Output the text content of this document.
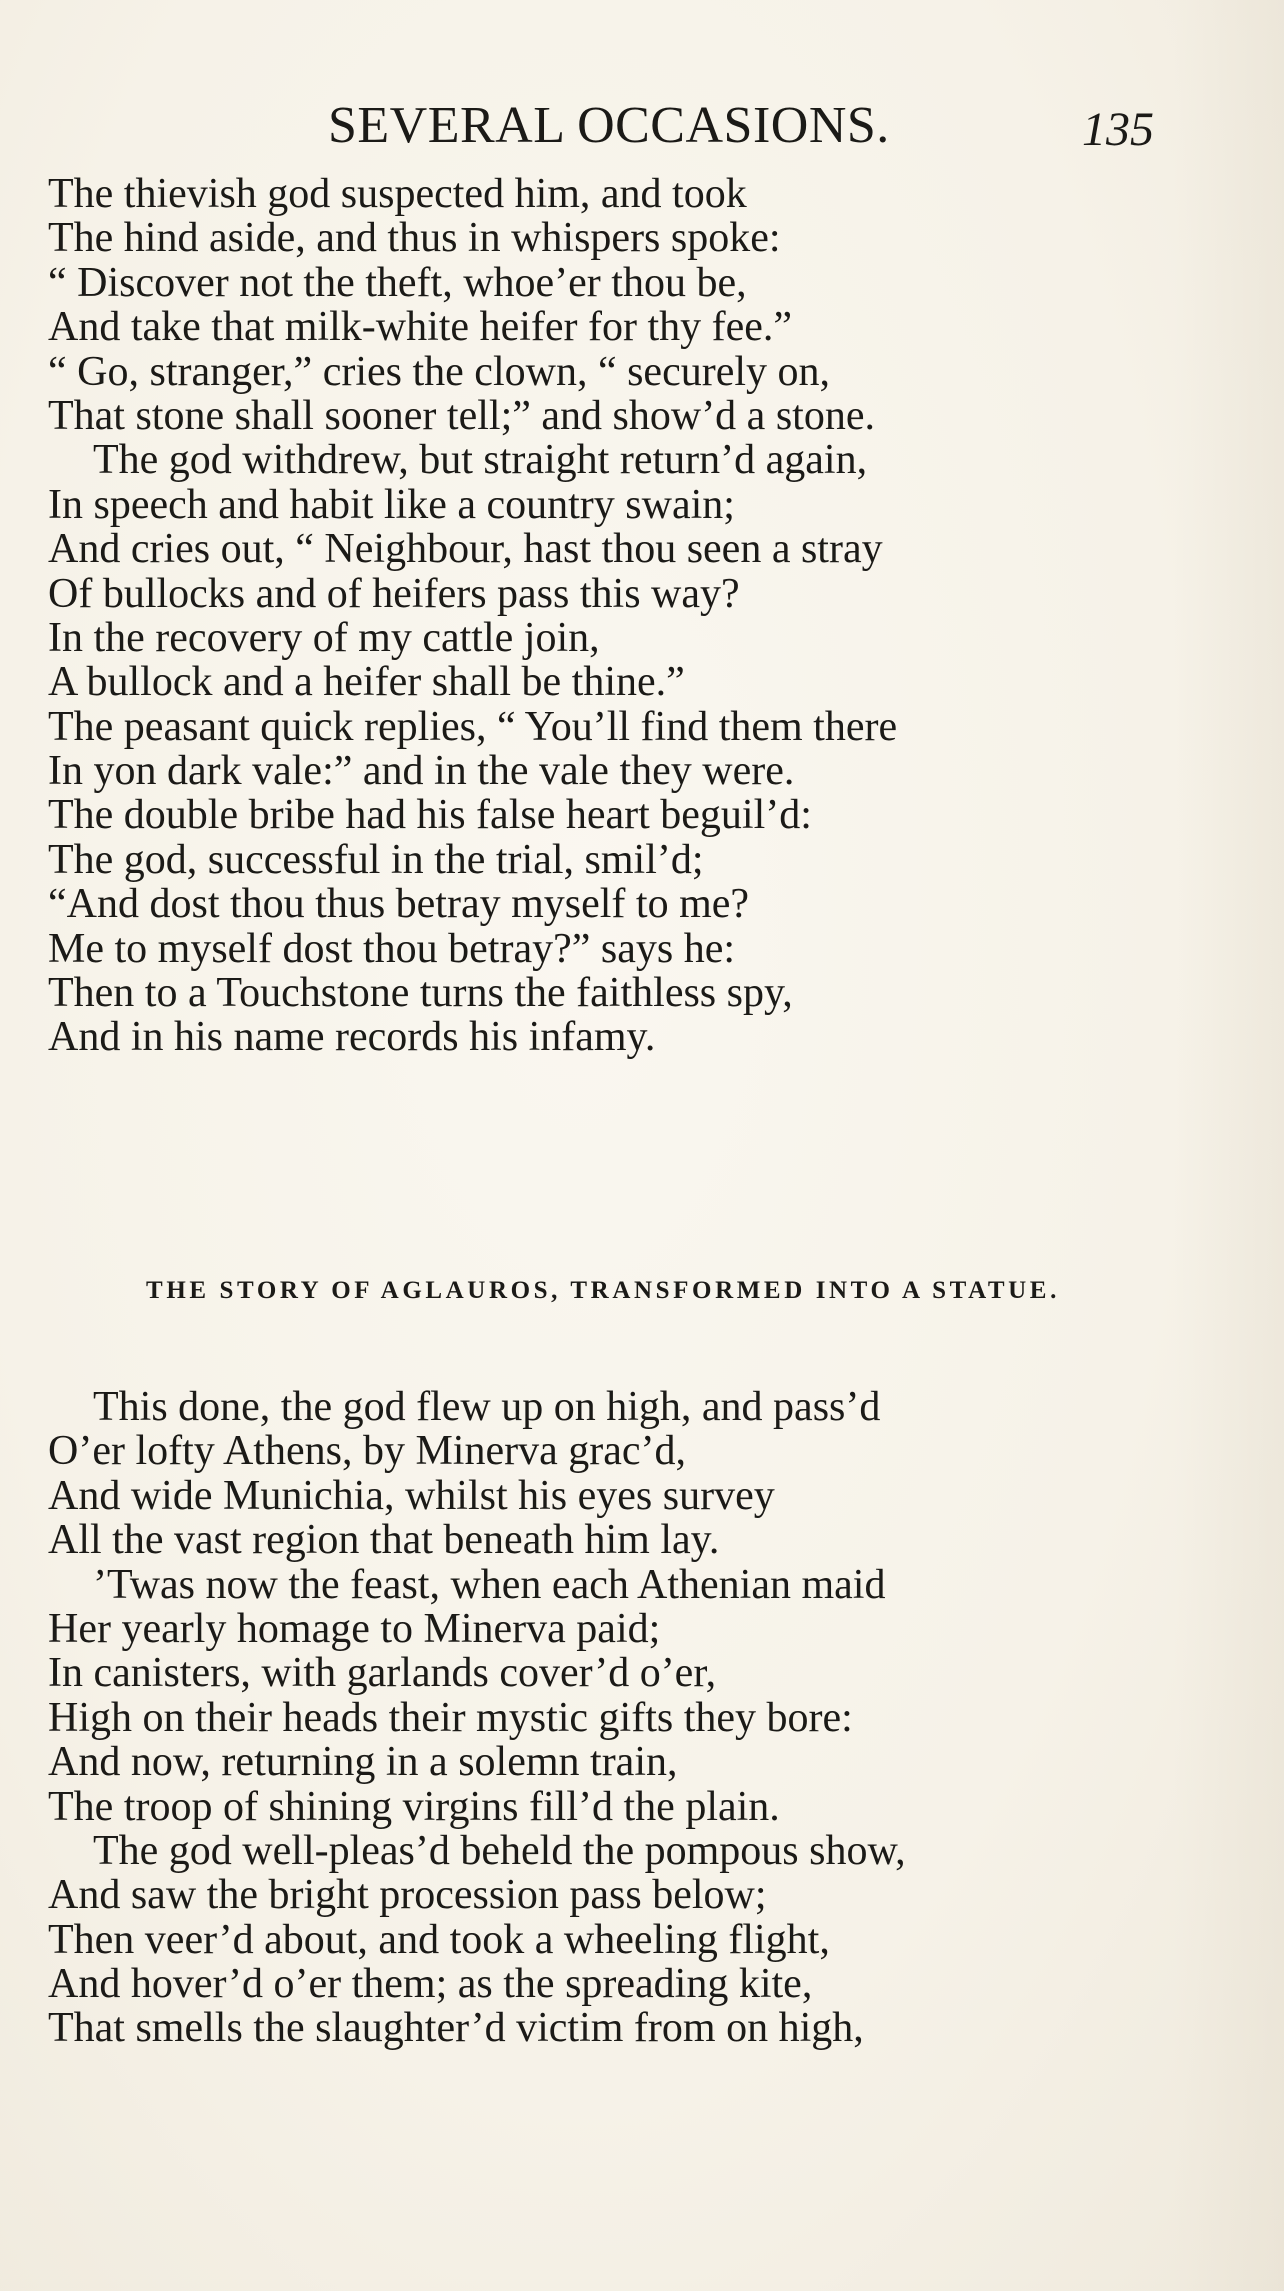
SEVERAL OCCASIONS.	135
The thievish god suspected him, and took
The hind aside, and thus in whispers spoke:
“ Discover not the theft, whoe’er thou be,
And take that milk-white heifer for thy fee.”
“ Go, stranger,” cries the clown, “ securely on,
That stone shall sooner tell;” and show’d a stone.
The god withdrew, but straight return’d again,
In speech and habit like a country swain;
And cries out, “ Neighbour, hast thou seen a stray
Of bullocks and of heifers pass this way?
In the recovery of my cattle join,
A bullock and a heifer shall be thine.”
The peasant quick replies, “ You’ll find them there
In yon dark vale:” and in the vale they were.
The double bribe had his false heart beguil’d:
The god, successful in the trial, smil’d;
“And dost thou thus betray myself to me?
Me to myself dost thou betray?” says he:
Then to a Touchstone turns the faithless spy,
And in his name records his infamy.
THE STORY OF AGLAUROS, TRANSFORMED INTO A STATUE.
This done, the god flew up on high, and pass’d
O’er lofty Athens, by Minerva grac’d,
And wide Munichia, whilst his eyes survey
All the vast region that beneath him lay.
’Twas now the feast, when each Athenian maid
Her yearly homage to Minerva paid;
In canisters, with garlands cover’d o’er,
High on their heads their mystic gifts they bore:
And now, returning in a solemn train,
The troop of shining virgins fill’d the plain.
The god well-pleas’d beheld the pompous show,
And saw the bright procession pass below;
Then veer’d about, and took a wheeling flight,
And hover’d o’er them; as the spreading kite,
That smells the slaughter’d victim from on high,
